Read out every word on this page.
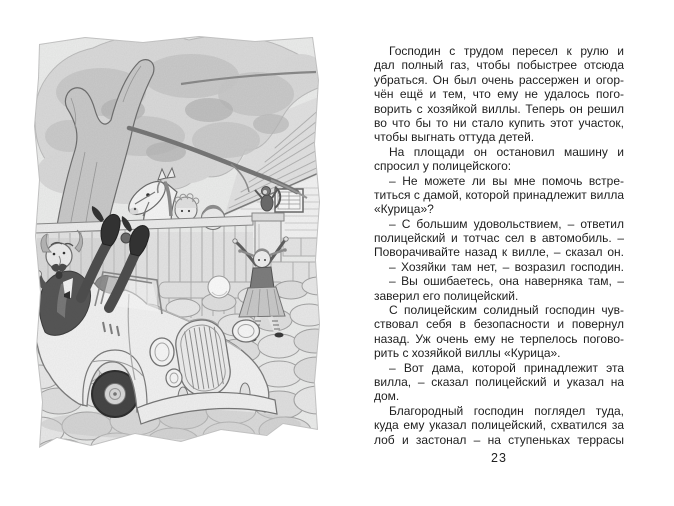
Господин с трудом пересел к рулю и
дал полный газ, чтобы побыстрее отсюда
убраться. Он был очень рассержен и огор-
чён ещё и тем, что ему не удалось пого-
ворить с хозяйкой виллы. Теперь он решил
во что бы то ни стало купить этот участок,
чтобы выгнать оттуда детей.
На площади он остановил машину и
спросил у полицейского:
– Не можете ли вы мне помочь встре-
титься с дамой, которой принадлежит вилла
«Курица»?
– С большим удовольствием, – ответил
полицейский и тотчас сел в автомобиль. –
Поворачивайте назад к вилле, – сказал он.
– Хозяйки там нет, – возразил господин.
– Вы ошибаетесь, она наверняка там, –
заверил его полицейский.
С полицейским солидный господин чув-
ствовал себя в безопасности и повернул
назад. Уж очень ему не терпелось погово-
рить с хозяйкой виллы «Курица».
– Вот дама, которой принадлежит эта
вилла, – сказал полицейский и указал на
дом.
Благородный господин поглядел туда,
куда ему указал полицейский, схватился за
лоб и застонал – на ступеньках террасы
23
